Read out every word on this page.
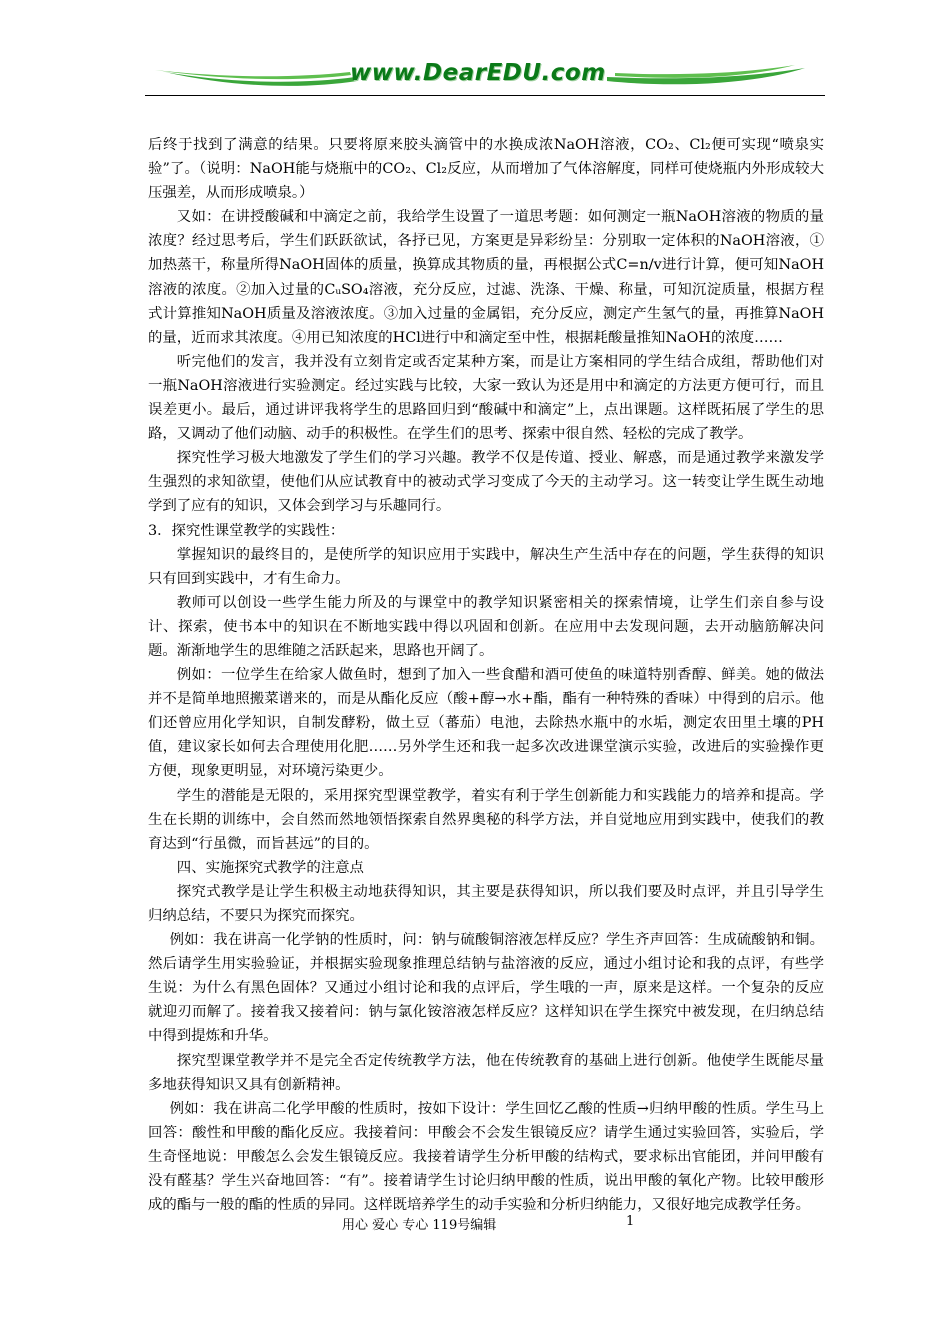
www.DearEDU.com

后终于找到了满意的结果。只要将原来胶头滴管中的水换成浓NaOH溶液，CO₂、Cl₂便可实现“喷泉实验”了。（说明：NaOH能与烧瓶中的CO₂、Cl₂反应，从而增加了气体溶解度，同样可使烧瓶内外形成较大压强差，从而形成喷泉。）

又如：在讲授酸碱和中滴定之前，我给学生设置了一道思考题：如何测定一瓶NaOH溶液的物质的量浓度？经过思考后，学生们跃跃欲试，各抒已见，方案更是异彩纷呈：分别取一定体积的NaOH溶液，①加热蒸干，称量所得NaOH固体的质量，换算成其物质的量，再根据公式C=n/v进行计算，便可知NaOH溶液的浓度。②加入过量的CᵤSO₄溶液，充分反应，过滤、洗涤、干燥、称量，可知沉淀质量，根据方程式计算推知NaOH质量及溶液浓度。③加入过量的金属铝，充分反应，测定产生氢气的量，再推算NaOH的量，近而求其浓度。④用已知浓度的HCl进行中和滴定至中性，根据耗酸量推知NaOH的浓度……

听完他们的发言，我并没有立刻肯定或否定某种方案，而是让方案相同的学生结合成组，帮助他们对一瓶NaOH溶液进行实验测定。经过实践与比较，大家一致认为还是用中和滴定的方法更方便可行，而且误差更小。最后，通过讲评我将学生的思路回归到“酸碱中和滴定”上，点出课题。这样既拓展了学生的思路，又调动了他们动脑、动手的积极性。在学生们的思考、探索中很自然、轻松的完成了教学。

探究性学习极大地激发了学生们的学习兴趣。教学不仅是传道、授业、解惑，而是通过教学来激发学生强烈的求知欲望，使他们从应试教育中的被动式学习变成了今天的主动学习。这一转变让学生既生动地学到了应有的知识，又体会到学习与乐趣同行。

3．探究性课堂教学的实践性：

掌握知识的最终目的，是使所学的知识应用于实践中，解决生产生活中存在的问题，学生获得的知识只有回到实践中，才有生命力。

教师可以创设一些学生能力所及的与课堂中的教学知识紧密相关的探索情境，让学生们亲自参与设计、探索，使书本中的知识在不断地实践中得以巩固和创新。在应用中去发现问题，去开动脑筋解决问题。渐渐地学生的思维随之活跃起来，思路也开阔了。

例如：一位学生在给家人做鱼时，想到了加入一些食醋和酒可使鱼的味道特别香醇、鲜美。她的做法并不是简单地照搬菜谱来的，而是从酯化反应（酸+醇→水+酯，酯有一种特殊的香味）中得到的启示。他们还曾应用化学知识，自制发酵粉，做土豆（蕃茄）电池，去除热水瓶中的水垢，测定农田里土壤的PH值，建议家长如何去合理使用化肥……另外学生还和我一起多次改进课堂演示实验，改进后的实验操作更方便，现象更明显，对环境污染更少。

学生的潜能是无限的，采用探究型课堂教学，着实有利于学生创新能力和实践能力的培养和提高。学生在长期的训练中，会自然而然地领悟探索自然界奥秘的科学方法，并自觉地应用到实践中，使我们的教育达到“行虽微，而旨甚远”的目的。

四、实施探究式教学的注意点

探究式教学是让学生积极主动地获得知识，其主要是获得知识，所以我们要及时点评，并且引导学生归纳总结，不要只为探究而探究。

例如：我在讲高一化学钠的性质时，问：钠与硫酸铜溶液怎样反应？学生齐声回答：生成硫酸钠和铜。然后请学生用实验验证，并根据实验现象推理总结钠与盐溶液的反应，通过小组讨论和我的点评，有些学生说：为什么有黑色固体？又通过小组讨论和我的点评后，学生哦的一声，原来是这样。一个复杂的反应就迎刃而解了。接着我又接着问：钠与氯化铵溶液怎样反应？这样知识在学生探究中被发现，在归纳总结中得到提炼和升华。

探究型课堂教学并不是完全否定传统教学方法，他在传统教育的基础上进行创新。他使学生既能尽量多地获得知识又具有创新精神。

例如：我在讲高二化学甲酸的性质时，按如下设计：学生回忆乙酸的性质→归纳甲酸的性质。学生马上回答：酸性和甲酸的酯化反应。我接着问：甲酸会不会发生银镜反应？请学生通过实验回答，实验后，学生奇怪地说：甲酸怎么会发生银镜反应。我接着请学生分析甲酸的结构式，要求标出官能团，并问甲酸有没有醛基？学生兴奋地回答：“有”。接着请学生讨论归纳甲酸的性质，说出甲酸的氧化产物。比较甲酸形成的酯与一般的酯的性质的异同。这样既培养学生的动手实验和分析归纳能力，又很好地完成教学任务。

用心 爱心 专心 119号编辑	1
